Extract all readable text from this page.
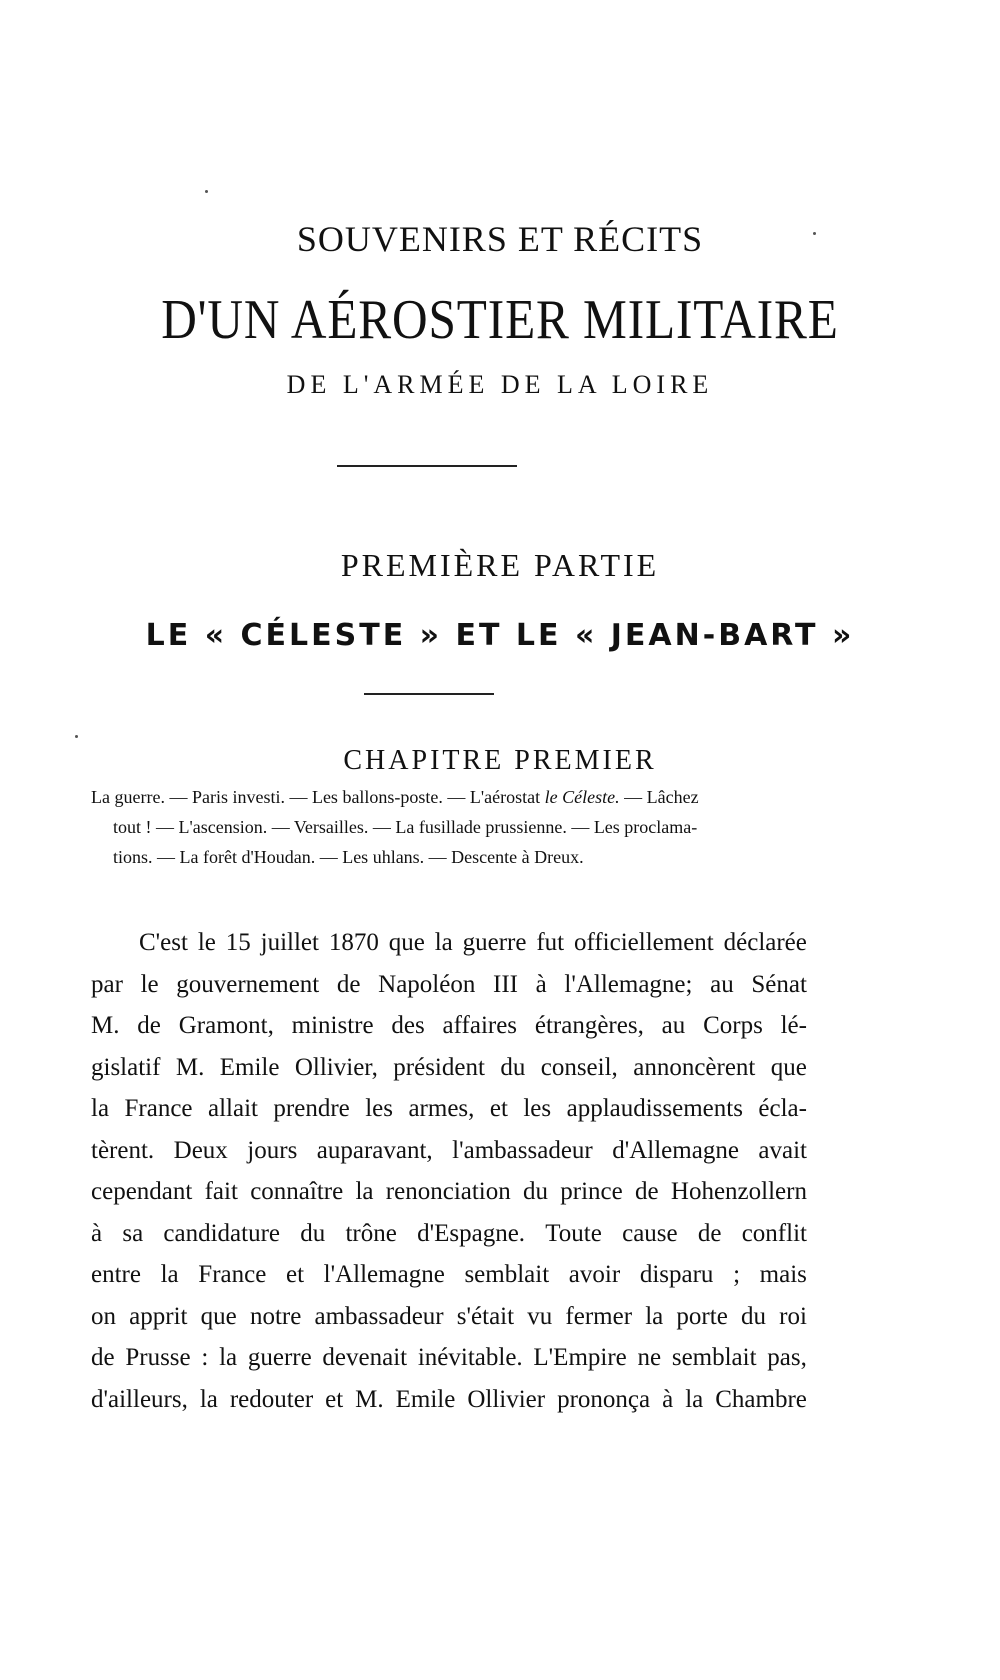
SOUVENIRS ET RÉCITS
D'UN AÉROSTIER MILITAIRE
DE L'ARMÉE DE LA LOIRE
PREMIÈRE PARTIE
LE « CÉLESTE » ET LE « JEAN-BART »
CHAPITRE PREMIER
La guerre. — Paris investi. — Les ballons-poste. — L'aérostat le Céleste. — Lâchez
tout ! — L'ascension. — Versailles. — La fusillade prussienne. — Les proclama-
tions. — La forêt d'Houdan. — Les uhlans. — Descente à Dreux.
C'est le 15 juillet 1870 que la guerre fut officiellement déclarée
par le gouvernement de Napoléon III à l'Allemagne; au Sénat
M. de Gramont, ministre des affaires étrangères, au Corps lé-
gislatif M. Emile Ollivier, président du conseil, annoncèrent que
la France allait prendre les armes, et les applaudissements écla-
tèrent. Deux jours auparavant, l'ambassadeur d'Allemagne avait
cependant fait connaître la renonciation du prince de Hohenzollern
à sa candidature du trône d'Espagne. Toute cause de conflit
entre la France et l'Allemagne semblait avoir disparu ; mais
on apprit que notre ambassadeur s'était vu fermer la porte du roi
de Prusse : la guerre devenait inévitable. L'Empire ne semblait pas,
d'ailleurs, la redouter et M. Emile Ollivier prononça à la Chambre
